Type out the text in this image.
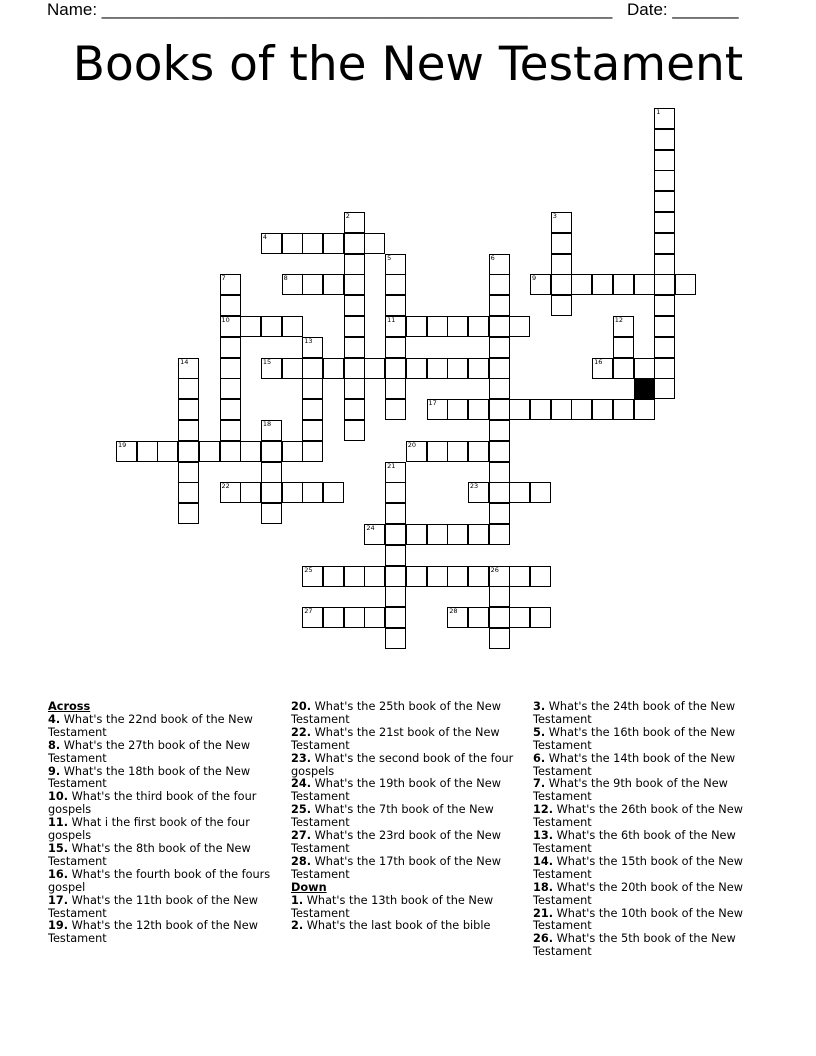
Name: ______________________________________________________ Date: _______
Books of the New Testament
1
2	3
4
5
11
6
7
10
8	9
12
13
14	15	16
17
18
19	20
21
22	23
24
25	26
27	28
Across
4. What's the 22nd book of the New Testament
8. What's the 27th book of the New Testament
9. What's the 18th book of the New Testament
10. What's the third book of the four gospels
11. What i the first book of the four gospels
15. What's the 8th book of the New Testament
16. What's the fourth book of the fours gospel
17. What's the 11th book of the New Testament
19. What's the 12th book of the New Testament
20. What's the 25th book of the New Testament
22. What's the 21st book of the New Testament
23. What's the second book of the four gospels
24. What's the 19th book of the New Testament
25. What's the 7th book of the New Testament
27. What's the 23rd book of the New Testament
28. What's the 17th book of the New Testament
Down
1. What's the 13th book of the New Testament
2. What's the last book of the bible
3. What's the 24th book of the New Testament
5. What's the 16th book of the New Testament
6. What's the 14th book of the New Testament
7. What's the 9th book of the New Testament
12. What's the 26th book of the New Testament
13. What's the 6th book of the New Testament
14. What's the 15th book of the New Testament
18. What's the 20th book of the New Testament
21. What's the 10th book of the New Testament
26. What's the 5th book of the New Testament
